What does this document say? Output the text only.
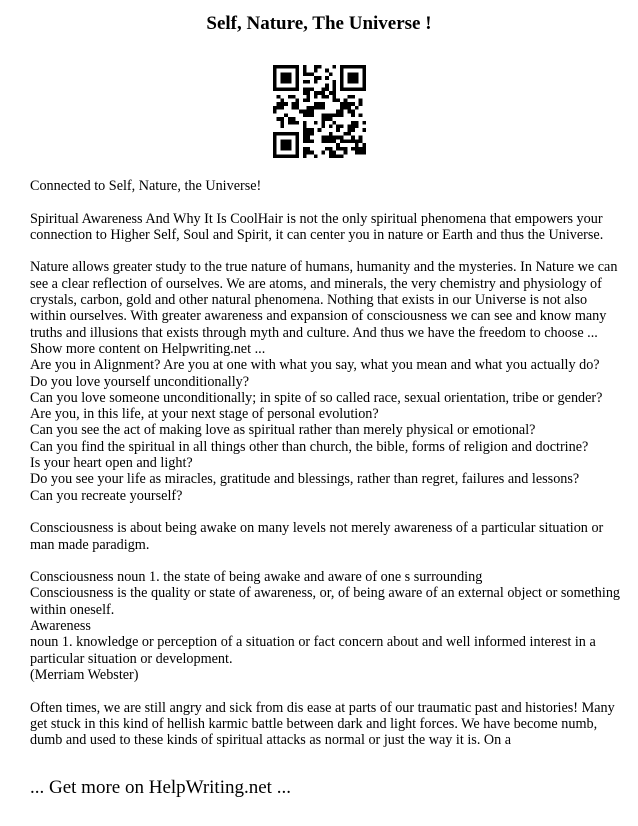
Self, Nature, The Universe !

Connected to Self, Nature, the Universe!

Spiritual Awareness And Why It Is CoolHair is not the only spiritual phenomena that empowers your connection to Higher Self, Soul and Spirit, it can center you in nature or Earth and thus the Universe.

Nature allows greater study to the true nature of humans, humanity and the mysteries. In Nature we can see a clear reflection of ourselves. We are atoms, and minerals, the very chemistry and physiology of crystals, carbon, gold and other natural phenomena. Nothing that exists in our Universe is not also within ourselves. With greater awareness and expansion of consciousness we can see and know many truths and illusions that exists through myth and culture. And thus we have the freedom to choose ...

Show more content on Helpwriting.net ...
Are you in Alignment? Are you at one with what you say, what you mean and what you actually do?
Do you love yourself unconditionally?
Can you love someone unconditionally; in spite of so called race, sexual orientation, tribe or gender?
Are you, in this life, at your next stage of personal evolution?
Can you see the act of making love as spiritual rather than merely physical or emotional?
Can you find the spiritual in all things other than church, the bible, forms of religion and doctrine?
Is your heart open and light?
Do you see your life as miracles, gratitude and blessings, rather than regret, failures and lessons?

Can you recreate yourself?

Consciousness is about being awake on many levels not merely awareness of a particular situation or man made paradigm.

Consciousness noun 1. the state of being awake and aware of one s surrounding
Consciousness is the quality or state of awareness, or, of being aware of an external object or something within oneself.
Awareness
noun 1. knowledge or perception of a situation or fact concern about and well informed interest in a particular situation or development.

(Merriam Webster)

Often times, we are still angry and sick from dis ease at parts of our traumatic past and histories! Many get stuck in this kind of hellish karmic battle between dark and light forces. We have become numb, dumb and used to these kinds of spiritual attacks as normal or just the way it is. On a

... Get more on HelpWriting.net ...
